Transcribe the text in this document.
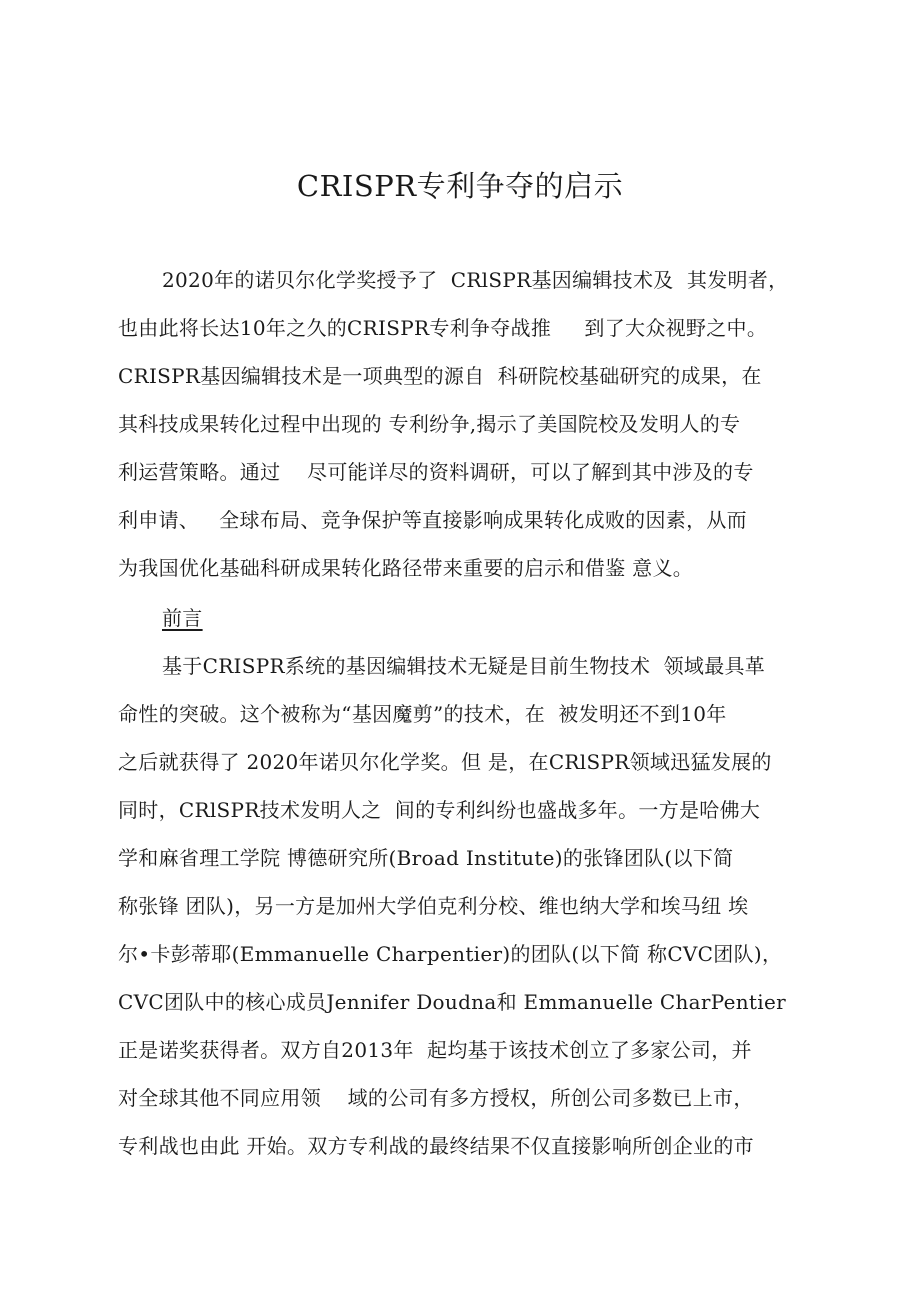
CRISPR专利争夺的启示
2020年的诺贝尔化学奖授予了  CRlSPR基因编辑技术及  其发明者，
也由此将长达10年之久的CRISPR专利争夺战推     到了大众视野之中。
CRISPR基因编辑技术是一项典型的源自  科研院校基础研究的成果，在
其科技成果转化过程中出现的 专利纷争,揭示了美国院校及发明人的专
利运营策略。通过    尽可能详尽的资料调研，可以了解到其中涉及的专
利申请、   全球布局、竞争保护等直接影响成果转化成败的因素，从而
为我国优化基础科研成果转化路径带来重要的启示和借鉴 意义。
前言
基于CRISPR系统的基因编辑技术无疑是目前生物技术  领域最具革
命性的突破。这个被称为“基因魔剪”的技术，在  被发明还不到10年
之后就获得了 2020年诺贝尔化学奖。但 是，在CRlSPR领域迅猛发展的
同时，CRlSPR技术发明人之  间的专利纠纷也盛战多年。一方是哈佛大
学和麻省理工学院 博德研究所(Broad Institute)的张锋团队(以下简
称张锋 团队)，另一方是加州大学伯克利分校、维也纳大学和埃马纽 埃
尔•卡彭蒂耶(Emmanuelle Charpentier)的团队(以下简 称CVC团队)，
CVC团队中的核心成员Jennifer Doudna和 Emmanuelle CharPentier
正是诺奖获得者。双方自2013年  起均基于该技术创立了多家公司，并
对全球其他不同应用领    域的公司有多方授权，所创公司多数已上市，
专利战也由此 开始。双方专利战的最终结果不仅直接影响所创企业的市
